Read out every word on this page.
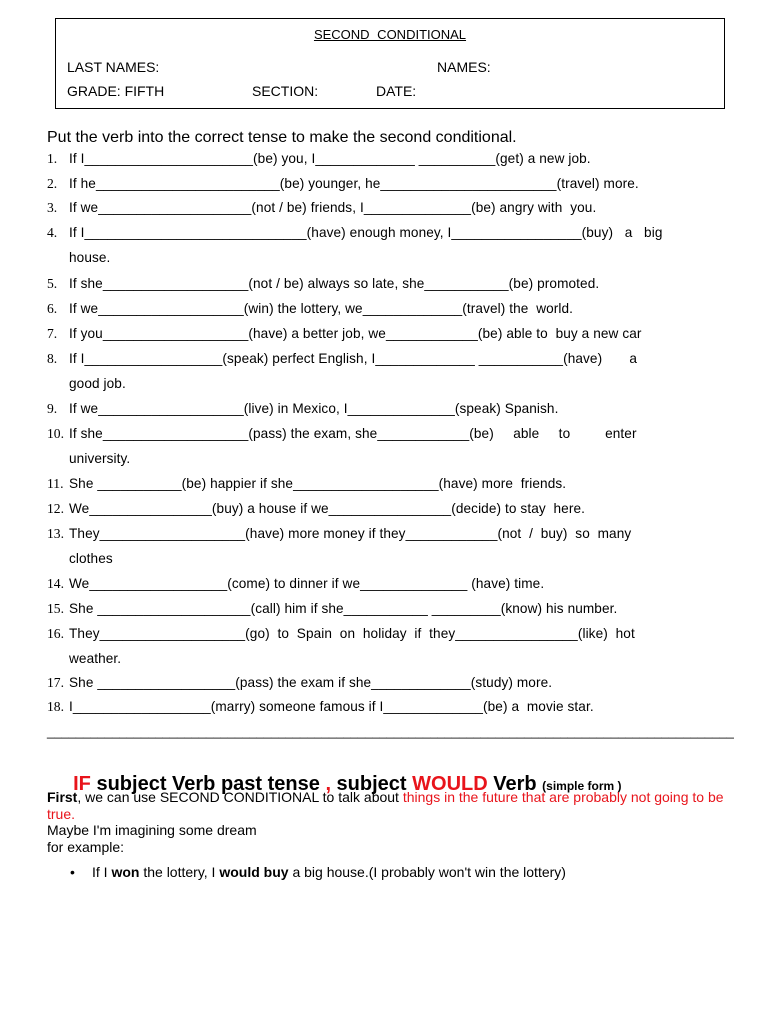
SECOND CONDITIONAL
LAST NAMES:	NAMES:
GRADE: FIFTH	SECTION:	DATE:
Put the verb into the correct tense to make the second conditional.
1. If I______________________(be) you, I_____________ __________(get) a new job.
2. If he________________________(be) younger, he_______________________(travel) more.
3. If we____________________(not / be) friends, I______________(be) angry with  you.
4. If I_____________________________(have) enough money, I_________________(buy)   a   big
house.
5. If she___________________(not / be) always so late, she___________(be) promoted.
6. If we___________________(win) the lottery, we_____________(travel) the  world.
7. If you___________________(have) a better job, we____________(be) able to  buy a new car
8. If I__________________(speak) perfect English, I_____________ ___________(have)       a
good job.
9. If we___________________(live) in Mexico, I______________(speak) Spanish.
10. If she___________________(pass) the exam, she____________(be)     able     to         enter
university.
11. She ___________(be) happier if she___________________(have) more  friends.
12. We________________(buy) a house if we________________(decide) to stay  here.
13. They___________________(have) more money if they____________(not  /  buy)  so  many
clothes
14. We__________________(come) to dinner if we______________ (have) time.
15. She ____________________(call) him if she___________ _________(know) his number.
16. They___________________(go)  to  Spain  on  holiday  if  they________________(like)  hot
weather.
17. She __________________(pass) the exam if she_____________(study) more.
18. I__________________(marry) someone famous if I_____________(be) a  movie star.
_______________________________________________________________________________________________

IF subject Verb past tense , subject WOULD Verb (simple form )

First, we can use SECOND CONDITIONAL to talk about things in the future that are probably not going to be true.
Maybe I'm imagining some dream
for example:
• If I won the lottery, I would buy a big house.(I probably won't win the lottery)
